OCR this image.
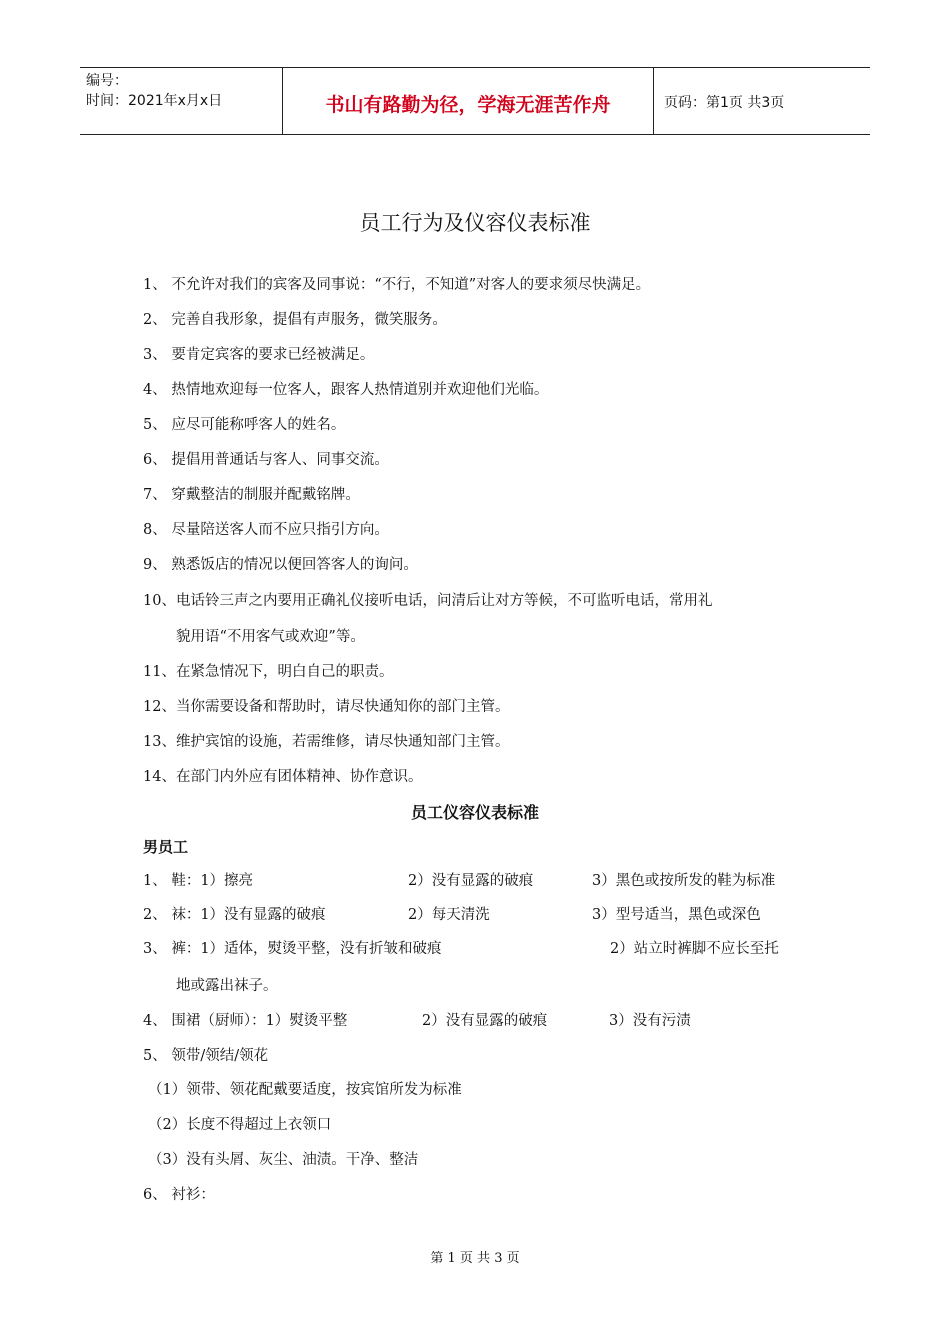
编号：
时间：2021年x月x日	书山有路勤为径，学海无涯苦作舟	页码：第1页 共3页
员工行为及仪容仪表标准
1、 不允许对我们的宾客及同事说：“不行，不知道”对客人的要求须尽快满足。
2、 完善自我形象，提倡有声服务，微笑服务。
3、 要肯定宾客的要求已经被满足。
4、 热情地欢迎每一位客人，跟客人热情道别并欢迎他们光临。
5、 应尽可能称呼客人的姓名。
6、 提倡用普通话与客人、同事交流。
7、 穿戴整洁的制服并配戴铭牌。
8、 尽量陪送客人而不应只指引方向。
9、 熟悉饭店的情况以便回答客人的询问。
10、电话铃三声之内要用正确礼仪接听电话，问清后让对方等候，不可监听电话，常用礼
貌用语“不用客气或欢迎”等。
11、在紧急情况下，明白自己的职责。
12、当你需要设备和帮助时，请尽快通知你的部门主管。
13、维护宾馆的设施，若需维修，请尽快通知部门主管。
14、在部门内外应有团体精神、协作意识。
员工仪容仪表标准
男员工
1、 鞋：1）擦亮	2）没有显露的破痕	3）黑色或按所发的鞋为标准
2、 袜：1）没有显露的破痕	2）每天清洗	3）型号适当，黑色或深色
3、 裤：1）适体，熨烫平整，没有折皱和破痕	2）站立时裤脚不应长至托
地或露出袜子。
4、 围裙（厨师）：1）熨烫平整	2）没有显露的破痕	3）没有污渍
5、 领带/领结/领花
（1）领带、领花配戴要适度，按宾馆所发为标准
（2）长度不得超过上衣领口
（3）没有头屑、灰尘、油渍。干净、整洁
6、 衬衫：
第 1 页 共 3 页
